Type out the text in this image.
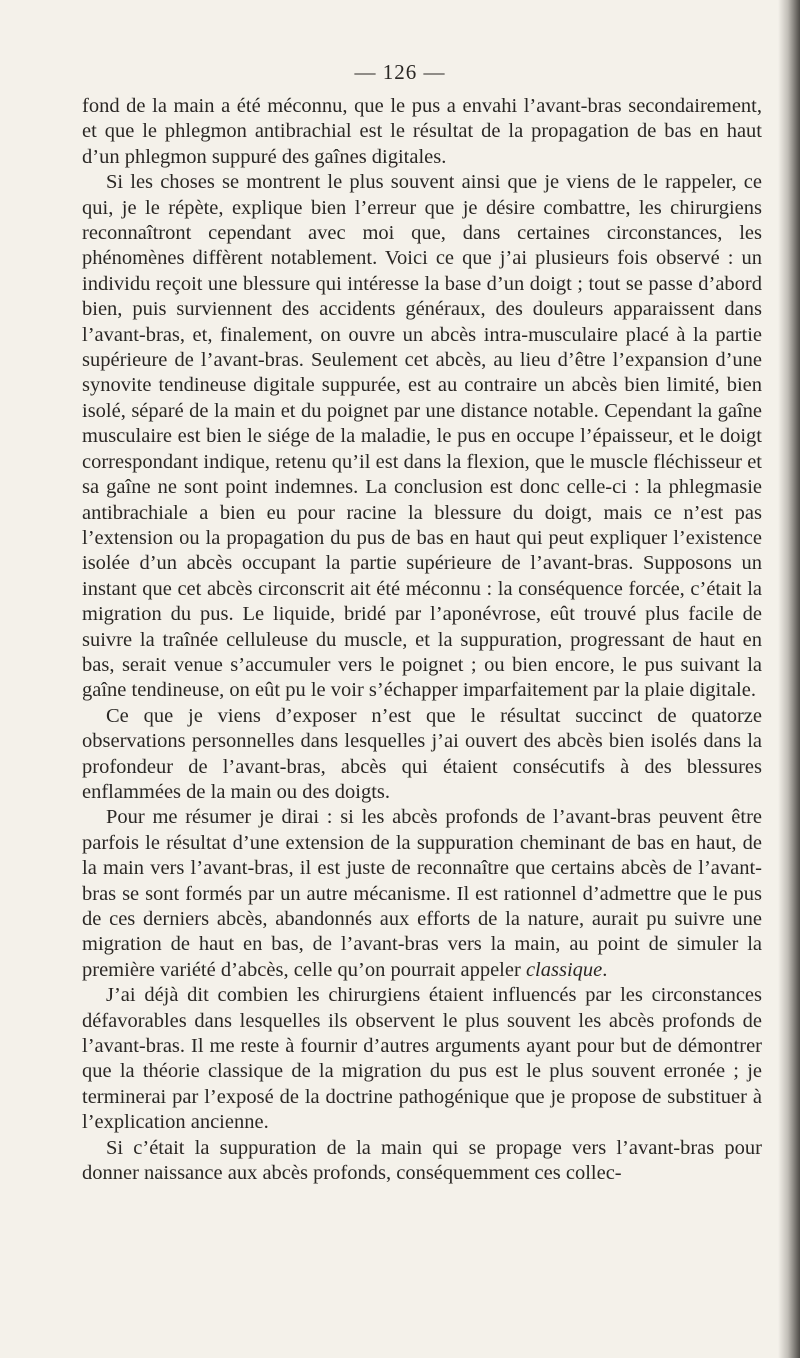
— 126 —

fond de la main a été méconnu, que le pus a envahi l’avant-bras secondairement, et que le phlegmon antibrachial est le résultat de la propagation de bas en haut d’un phlegmon suppuré des gaînes digitales.

Si les choses se montrent le plus souvent ainsi que je viens de le rappeler, ce qui, je le répète, explique bien l’erreur que je désire combattre, les chirurgiens reconnaîtront cependant avec moi que, dans certaines circonstances, les phénomènes diffèrent notablement. Voici ce que j’ai plusieurs fois observé : un individu reçoit une blessure qui intéresse la base d’un doigt ; tout se passe d’abord bien, puis surviennent des accidents généraux, des douleurs apparaissent dans l’avant-bras, et, finalement, on ouvre un abcès intra-musculaire placé à la partie supérieure de l’avant-bras. Seulement cet abcès, au lieu d’être l’expansion d’une synovite tendineuse digitale suppurée, est au contraire un abcès bien limité, bien isolé, séparé de la main et du poignet par une distance notable. Cependant la gaîne musculaire est bien le siége de la maladie, le pus en occupe l’épaisseur, et le doigt correspondant indique, retenu qu’il est dans la flexion, que le muscle fléchisseur et sa gaîne ne sont point indemnes. La conclusion est donc celle-ci : la phlegmasie antibrachiale a bien eu pour racine la blessure du doigt, mais ce n’est pas l’extension ou la propagation du pus de bas en haut qui peut expliquer l’existence isolée d’un abcès occupant la partie supérieure de l’avant-bras. Supposons un instant que cet abcès circonscrit ait été méconnu : la conséquence forcée, c’était la migration du pus. Le liquide, bridé par l’aponévrose, eût trouvé plus facile de suivre la traînée celluleuse du muscle, et la suppuration, progressant de haut en bas, serait venue s’accumuler vers le poignet ; ou bien encore, le pus suivant la gaîne tendineuse, on eût pu le voir s’échapper imparfaitement par la plaie digitale.

Ce que je viens d’exposer n’est que le résultat succinct de quatorze observations personnelles dans lesquelles j’ai ouvert des abcès bien isolés dans la profondeur de l’avant-bras, abcès qui étaient consécutifs à des blessures enflammées de la main ou des doigts.

Pour me résumer je dirai : si les abcès profonds de l’avant-bras peuvent être parfois le résultat d’une extension de la suppuration cheminant de bas en haut, de la main vers l’avant-bras, il est juste de reconnaître que certains abcès de l’avant-bras se sont formés par un autre mécanisme. Il est rationnel d’admettre que le pus de ces derniers abcès, abandonnés aux efforts de la nature, aurait pu suivre une migration de haut en bas, de l’avant-bras vers la main, au point de simuler la première variété d’abcès, celle qu’on pourrait appeler classique.

J’ai déjà dit combien les chirurgiens étaient influencés par les circonstances défavorables dans lesquelles ils observent le plus souvent les abcès profonds de l’avant-bras. Il me reste à fournir d’autres arguments ayant pour but de démontrer que la théorie classique de la migration du pus est le plus souvent erronée ; je terminerai par l’exposé de la doctrine pathogénique que je propose de substituer à l’explication ancienne.

Si c’était la suppuration de la main qui se propage vers l’avant-bras pour donner naissance aux abcès profonds, conséquemment ces collec-
